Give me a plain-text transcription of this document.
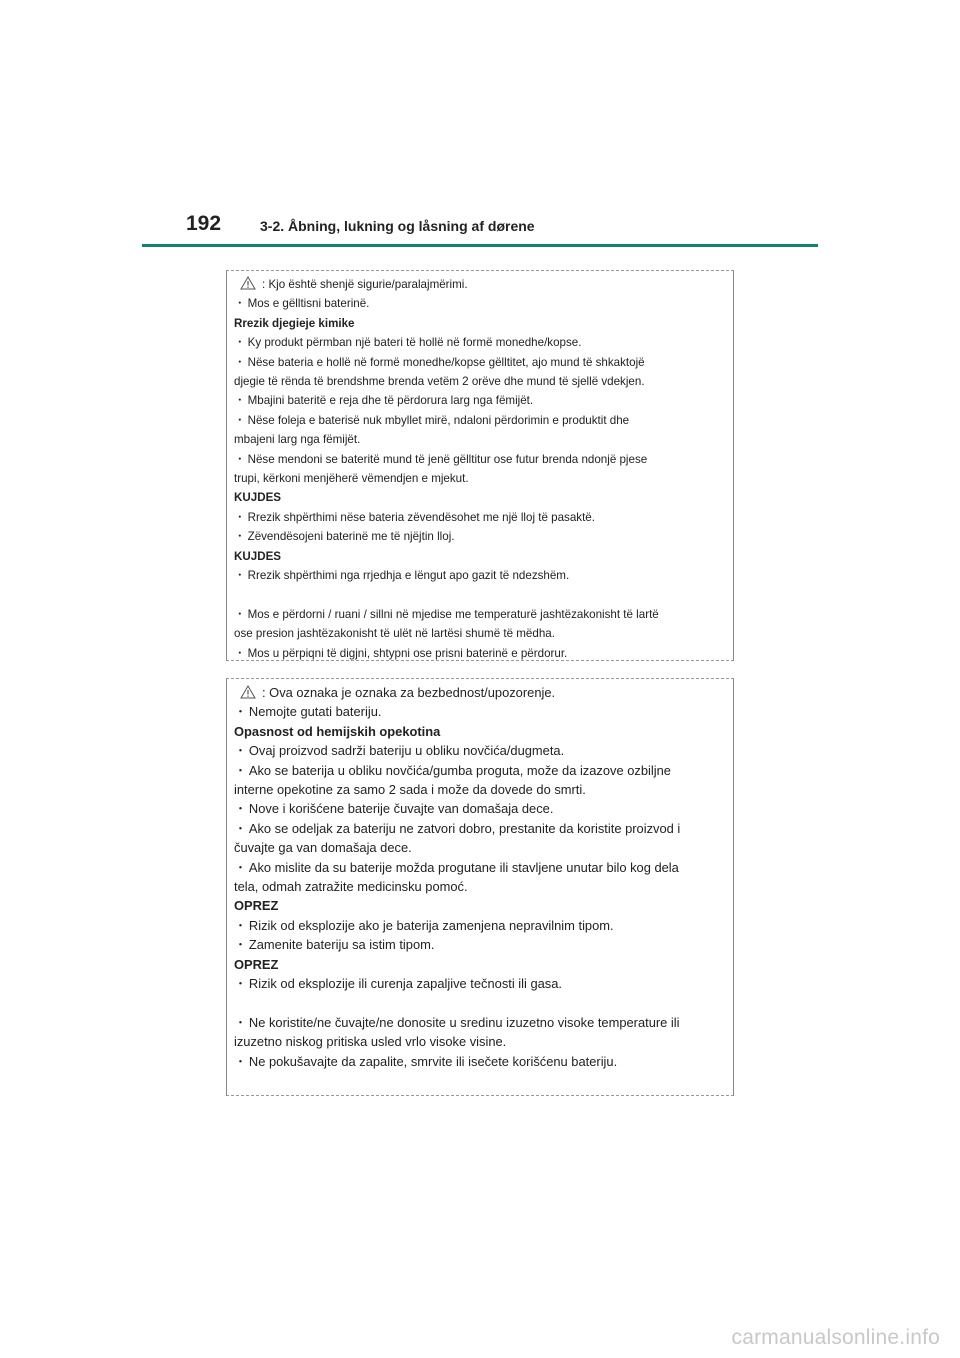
192	3-2. Åbning, lukning og låsning af dørene
: Kjo është shenjë sigurie/paralajmërimi.
・ Mos e gëlltisni baterinë.
Rrezik djegieje kimike
・ Ky produkt përmban një bateri të hollë në formë monedhe/kopse.
・ Nëse bateria e hollë në formë monedhe/kopse gëlltitet, ajo mund të shkaktojë
djegie të rënda të brendshme brenda vetëm 2 orëve dhe mund të sjellë vdekjen.
・ Mbajini bateritë e reja dhe të përdorura larg nga fëmijët.
・ Nëse foleja e baterisë nuk mbyllet mirë, ndaloni përdorimin e produktit dhe
mbajeni larg nga fëmijët.
・ Nëse mendoni se bateritë mund të jenë gëlltitur ose futur brenda ndonjë pjese
trupi, kërkoni menjëherë vëmendjen e mjekut.
KUJDES
・ Rrezik shpërthimi nëse bateria zëvendësohet me një lloj të pasaktë.
・ Zëvendësojeni baterinë me të njëjtin lloj.
KUJDES
・ Rrezik shpërthimi nga rrjedhja e lëngut apo gazit të ndezshëm.
・ Mos e përdorni / ruani / sillni në mjedise me temperaturë jashtëzakonisht të lartë
ose presion jashtëzakonisht të ulët në lartësi shumë të mëdha.
・ Mos u përpiqni të digjni, shtypni ose prisni baterinë e përdorur.
: Ova oznaka je oznaka za bezbednost/upozorenje.
・ Nemojte gutati bateriju.
Opasnost od hemijskih opekotina
・ Ovaj proizvod sadrži bateriju u obliku novčića/dugmeta.
・ Ako se baterija u obliku novčića/gumba proguta, može da izazove ozbiljne
interne opekotine za samo 2 sada i može da dovede do smrti.
・ Nove i korišćene baterije čuvajte van domašaja dece.
・ Ako se odeljak za bateriju ne zatvori dobro, prestanite da koristite proizvod i
čuvajte ga van domašaja dece.
・ Ako mislite da su baterije možda progutane ili stavljene unutar bilo kog dela
tela, odmah zatražite medicinsku pomoć.
OPREZ
・ Rizik od eksplozije ako je baterija zamenjena nepravilnim tipom.
・ Zamenite bateriju sa istim tipom.
OPREZ
・ Rizik od eksplozije ili curenja zapaljive tečnosti ili gasa.
・ Ne koristite/ne čuvajte/ne donosite u sredinu izuzetno visoke temperature ili
izuzetno niskog pritiska usled vrlo visoke visine.
・ Ne pokušavajte da zapalite, smrvite ili isečete korišćenu bateriju.
carmanualsonline.info
